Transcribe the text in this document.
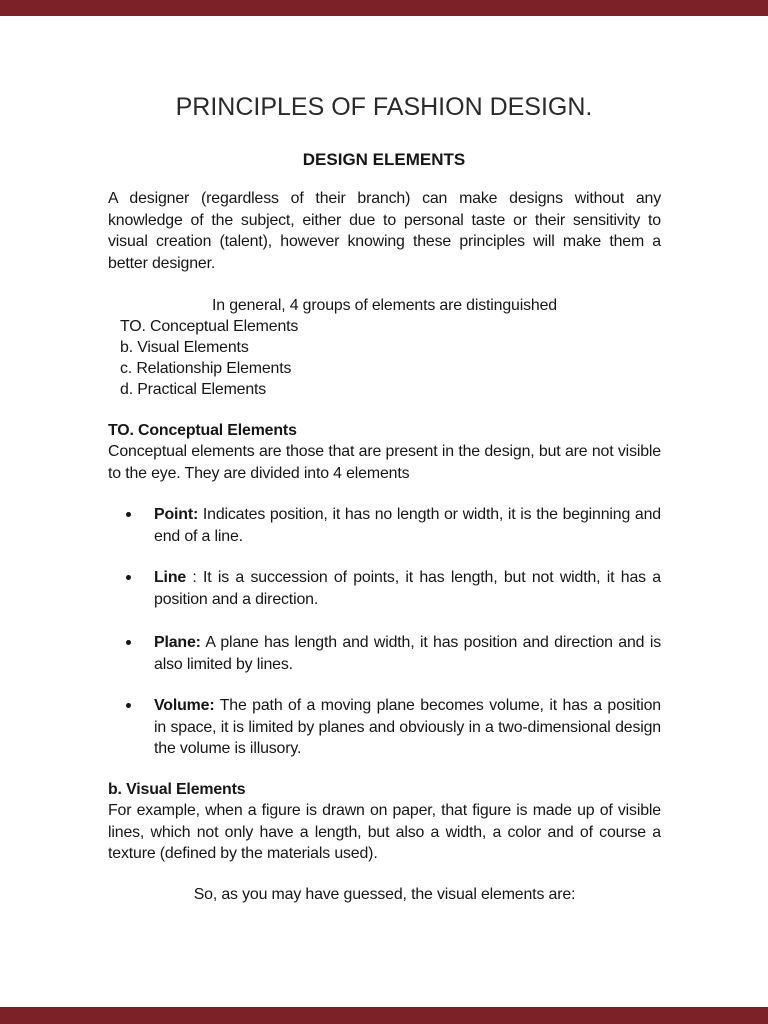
PRINCIPLES OF FASHION DESIGN.
DESIGN ELEMENTS
A designer (regardless of their branch) can make designs without any knowledge of the subject, either due to personal taste or their sensitivity to visual creation (talent), however knowing these principles will make them a better designer.
In general, 4 groups of elements are distinguished
TO. Conceptual Elements
b. Visual Elements
c. Relationship Elements
d. Practical Elements
TO. Conceptual Elements
Conceptual elements are those that are present in the design, but are not visible to the eye. They are divided into 4 elements
Point: Indicates position, it has no length or width, it is the beginning and end of a line.
Line : It is a succession of points, it has length, but not width, it has a position and a direction.
Plane: A plane has length and width, it has position and direction and is also limited by lines.
Volume: The path of a moving plane becomes volume, it has a position in space, it is limited by planes and obviously in a two-dimensional design the volume is illusory.
b. Visual Elements
For example, when a figure is drawn on paper, that figure is made up of visible lines, which not only have a length, but also a width, a color and of course a texture (defined by the materials used).
So, as you may have guessed, the visual elements are:
